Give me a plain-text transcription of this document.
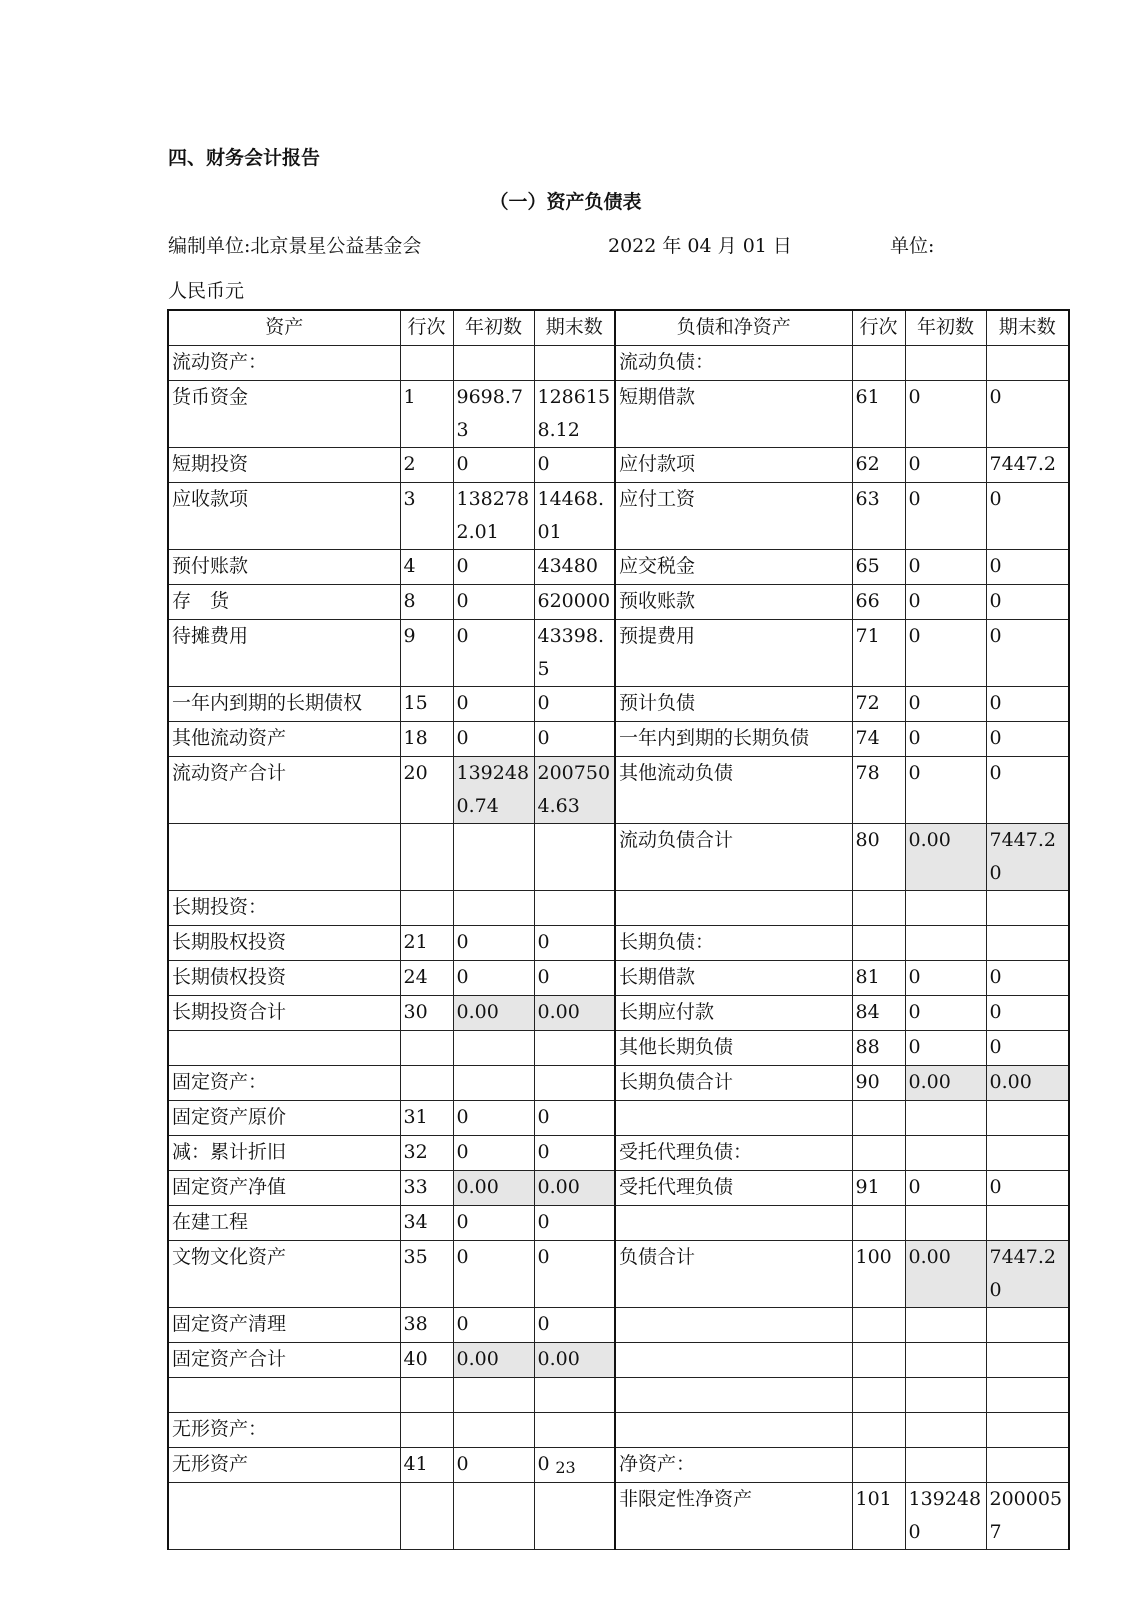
四、财务会计报告
（一）资产负债表
编制单位:北京景星公益基金会	2022 年 04 月 01 日	单位:
人民币元
资产	行次	年初数	期末数	负债和净资产	行次	年初数	期末数
流动资产：				流动负债：			
货币资金	1	9698.73	1286158.12	短期借款	61	0	0
短期投资	2	0	0	应付款项	62	0	7447.2
应收款项	3	1382782.01	14468.01	应付工资	63	0	0
预付账款	4	0	43480	应交税金	65	0	0
存　货	8	0	620000	预收账款	66	0	0
待摊费用	9	0	43398.5	预提费用	71	0	0
一年内到期的长期债权	15	0	0	预计负债	72	0	0
其他流动资产	18	0	0	一年内到期的长期负债	74	0	0
流动资产合计	20	1392480.74	2007504.63	其他流动负债	78	0	0
				流动负债合计	80	0.00	7447.20
长期投资：							
长期股权投资	21	0	0	长期负债：			
长期债权投资	24	0	0	长期借款	81	0	0
长期投资合计	30	0.00	0.00	长期应付款	84	0	0
				其他长期负债	88	0	0
固定资产：				长期负债合计	90	0.00	0.00
固定资产原价	31	0	0				
减：累计折旧	32	0	0	受托代理负债：			
固定资产净值	33	0.00	0.00	受托代理负债	91	0	0
在建工程	34	0	0				
文物文化资产	35	0	0	负债合计	100	0.00	7447.20
固定资产清理	38	0	0				
固定资产合计	40	0.00	0.00				

无形资产：							
无形资产	41	0	0	净资产：			
				非限定性净资产	101	1392480	2000057
23
